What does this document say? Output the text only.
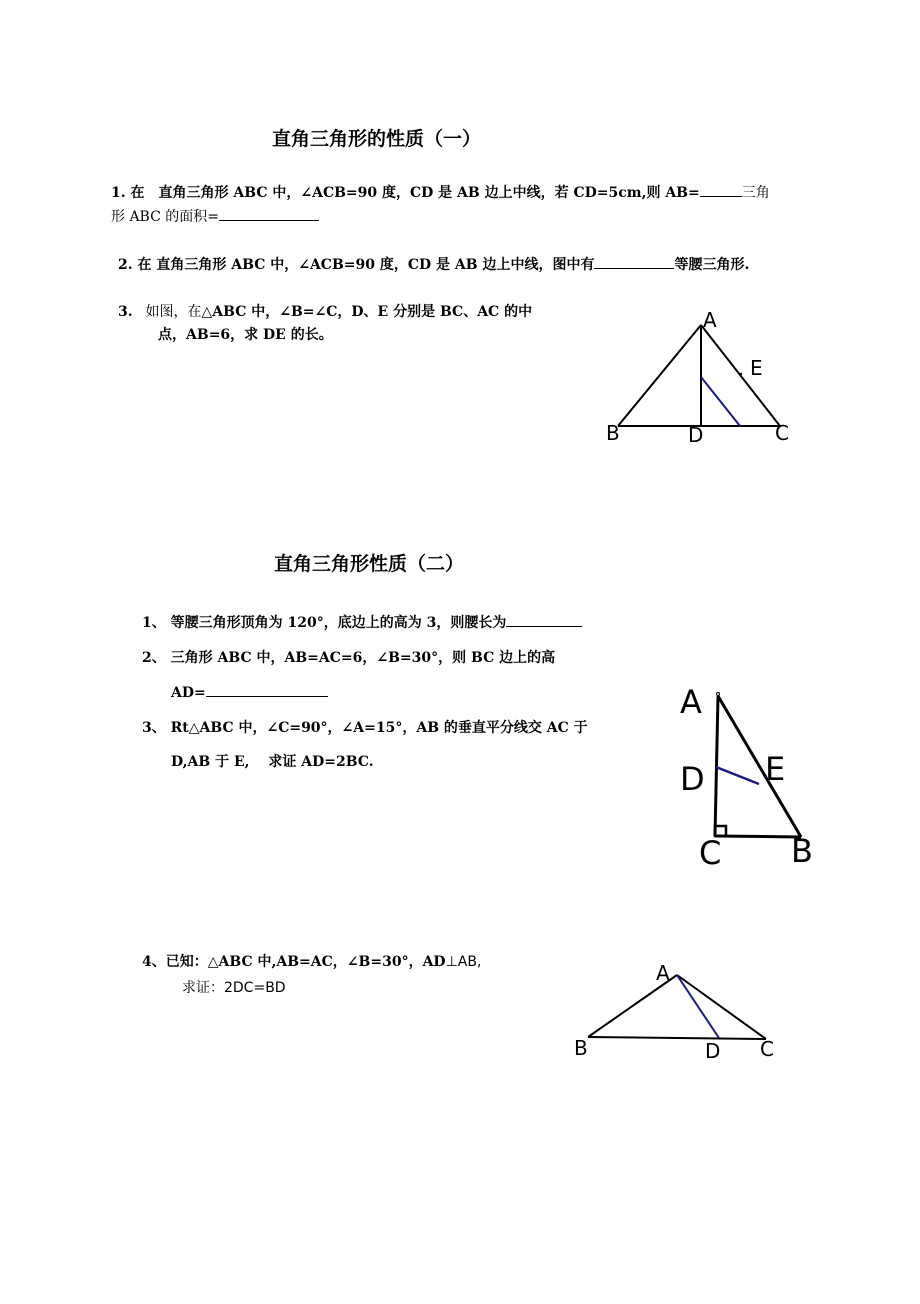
直角三角形的性质（一）
1. 在　直角三角形 ABC 中，∠ACB=90 度，CD 是 AB 边上中线，若 CD=5cm,则 AB=	三角
形 ABC 的面积=
2. 在 直角三角形 ABC 中，∠ACB=90 度，CD 是 AB 边上中线，图中有	等腰三角形.
3. 如图，在△ABC 中，∠B=∠C，D、E 分别是 BC、AC 的中
点，AB=6，求 DE 的长。
A
E
B	D	C
直角三角形性质（二）
1、 等腰三角形顶角为 120°，底边上的高为 3，则腰长为
2、 三角形 ABC 中，AB=AC=6，∠B=30°，则 BC 边上的高
AD=
3、 Rt△ABC 中，∠C=90°，∠A=15°，AB 的垂直平分线交 AC 于
D,AB 于 E,　 求证 AD=2BC.
A
D E
C B
4、已知：△ABC 中,AB=AC，∠B=30°，AD⊥AB,
求证：2DC=BD
A
B	D C
